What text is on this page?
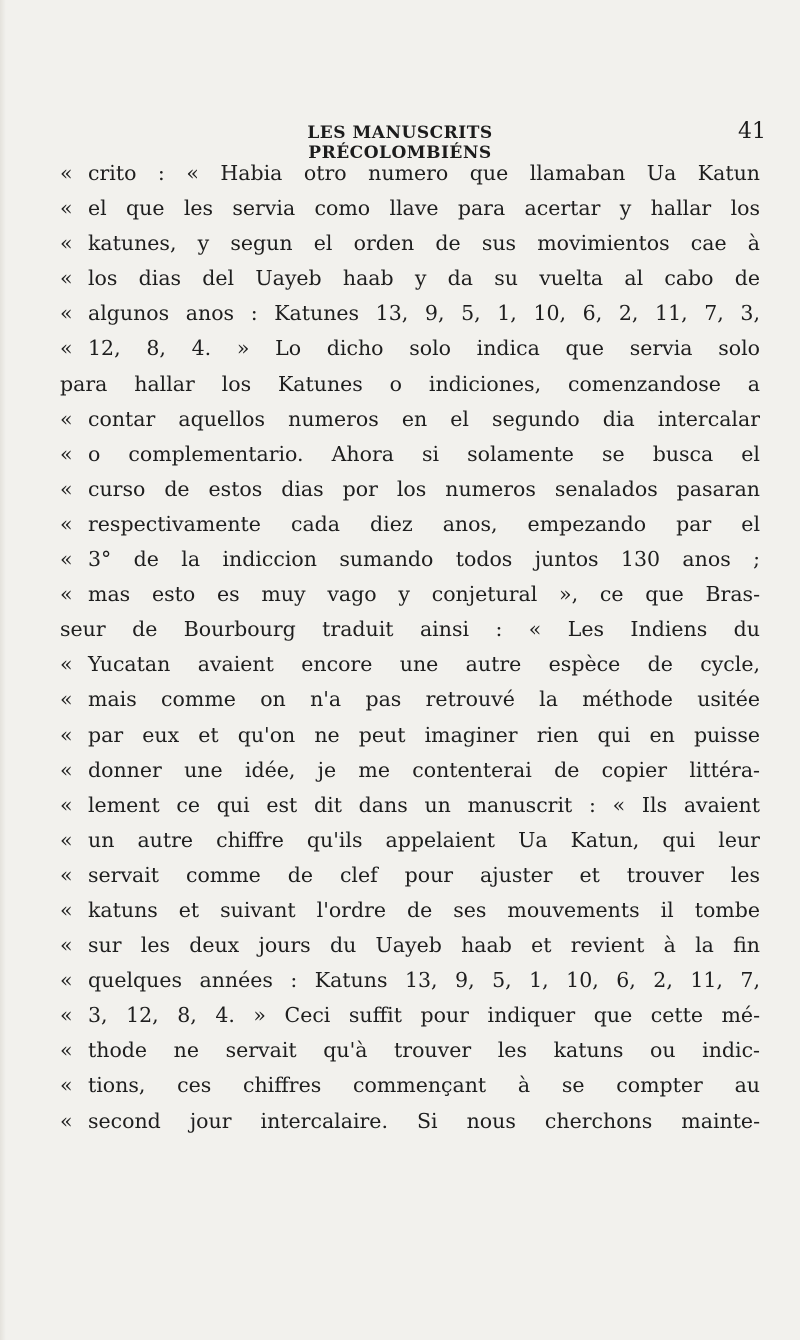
LES MANUSCRITS PRÉCOLOMBIÉNS
41
« crito : « Habia otro numero que llamaban Ua Katun
« el que les servia como llave para acertar y hallar los
« katunes, y segun el orden de sus movimientos cae à
« los dias del Uayeb haab y da su vuelta al cabo de
« algunos anos : Katunes 13, 9, 5, 1, 10, 6, 2, 11, 7, 3,
« 12, 8, 4. » Lo dicho solo indica que servia solo
para hallar los Katunes o indiciones, comenzandose a
« contar aquellos numeros en el segundo dia intercalar
« o complementario. Ahora si solamente se busca el
« curso de estos dias por los numeros senalados pasaran
« respectivamente cada diez anos, empezando par el
« 3° de la indiccion sumando todos juntos 130 anos ;
« mas esto es muy vago y conjetural », ce que Bras-
seur de Bourbourg traduit ainsi : « Les Indiens du
« Yucatan avaient encore une autre espèce de cycle,
« mais comme on n'a pas retrouvé la méthode usitée
« par eux et qu'on ne peut imaginer rien qui en puisse
« donner une idée, je me contenterai de copier littéra-
« lement ce qui est dit dans un manuscrit : « Ils avaient
« un autre chiffre qu'ils appelaient Ua Katun, qui leur
« servait comme de clef pour ajuster et trouver les
« katuns et suivant l'ordre de ses mouvements il tombe
« sur les deux jours du Uayeb haab et revient à la fin
« quelques années : Katuns 13, 9, 5, 1, 10, 6, 2, 11, 7,
« 3, 12, 8, 4. » Ceci suffit pour indiquer que cette mé-
« thode ne servait qu'à trouver les katuns ou indic-
« tions, ces chiffres commençant à se compter au
« second jour intercalaire. Si nous cherchons mainte-
